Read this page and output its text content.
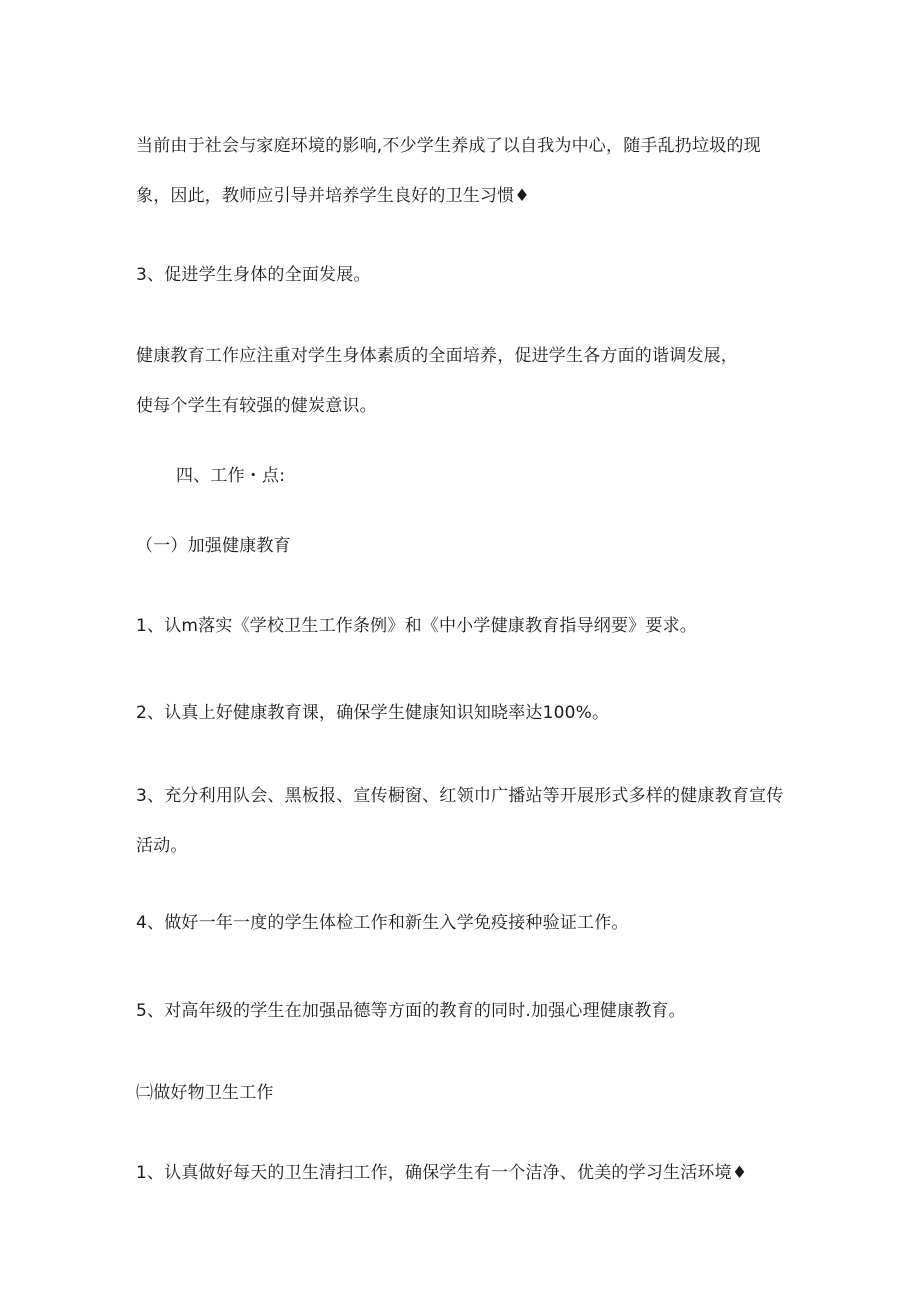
当前由于社会与家庭环境的影响,不少学生养成了以自我为中心，随手乱扔垃圾的现
象，因此，教师应引导并培养学生良好的卫生习惯♦
3、促进学生身体的全面发展。
健康教育工作应注重对学生身体素质的全面培养，促进学生各方面的谐调发展，
使每个学生有较强的健炭意识。
四、工作・点:
（一）加强健康教育
1、认m落实《学校卫生工作条例》和《中小学健康教育指导纲要》要求。
2、认真上好健康教育课，确保学生健康知识知晓率达100%。
3、充分利用队会、黑板报、宣传橱窗、红领巾广播站等开展形式多样的健康教育宣传
活动。
4、做好一年一度的学生体检工作和新生入学免疫接种验证工作。
5、对高年级的学生在加强品德等方面的教育的同时.加强心理健康教育。
㈡做好物卫生工作
1、认真做好每天的卫生清扫工作，确保学生有一个洁净、优美的学习生活环境♦
